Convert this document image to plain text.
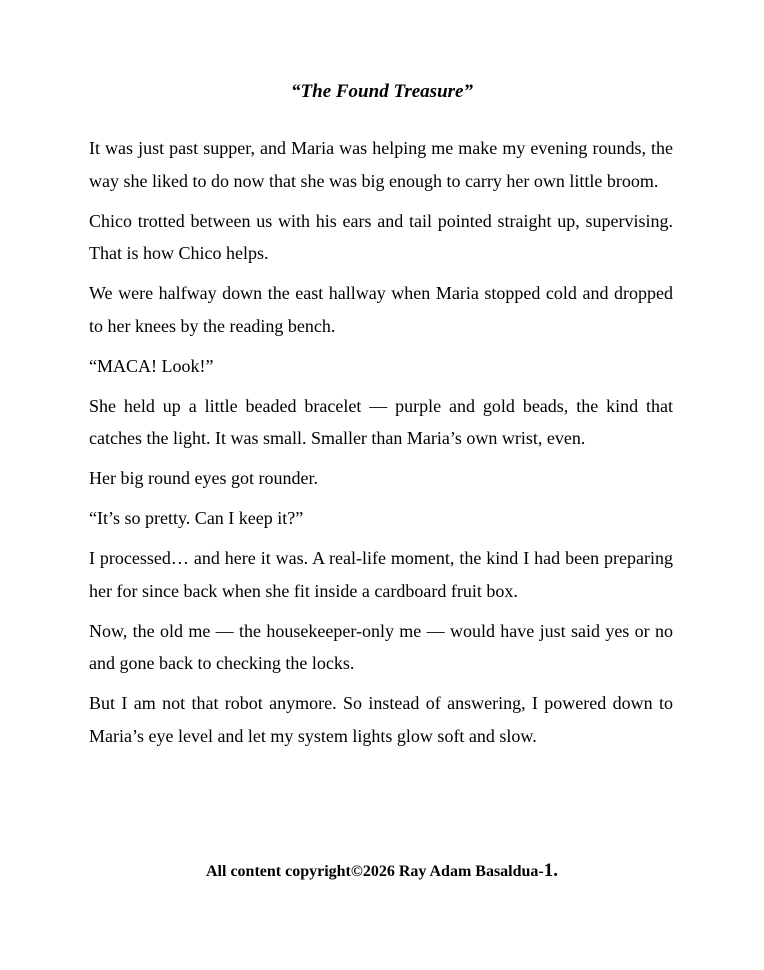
“The Found Treasure”

It was just past supper, and Maria was helping me make my evening rounds, the way she liked to do now that she was big enough to carry her own little broom.

Chico trotted between us with his ears and tail pointed straight up, supervising. That is how Chico helps.

We were halfway down the east hallway when Maria stopped cold and dropped to her knees by the reading bench.

“MACA! Look!”

She held up a little beaded bracelet — purple and gold beads, the kind that catches the light. It was small. Smaller than Maria’s own wrist, even.

Her big round eyes got rounder.

“It’s so pretty. Can I keep it?”

I processed… and here it was. A real-life moment, the kind I had been preparing her for since back when she fit inside a cardboard fruit box.

Now, the old me — the housekeeper-only me — would have just said yes or no and gone back to checking the locks.

But I am not that robot anymore. So instead of answering, I powered down to Maria’s eye level and let my system lights glow soft and slow.

All content copyright©2026 Ray Adam Basaldua-1.
